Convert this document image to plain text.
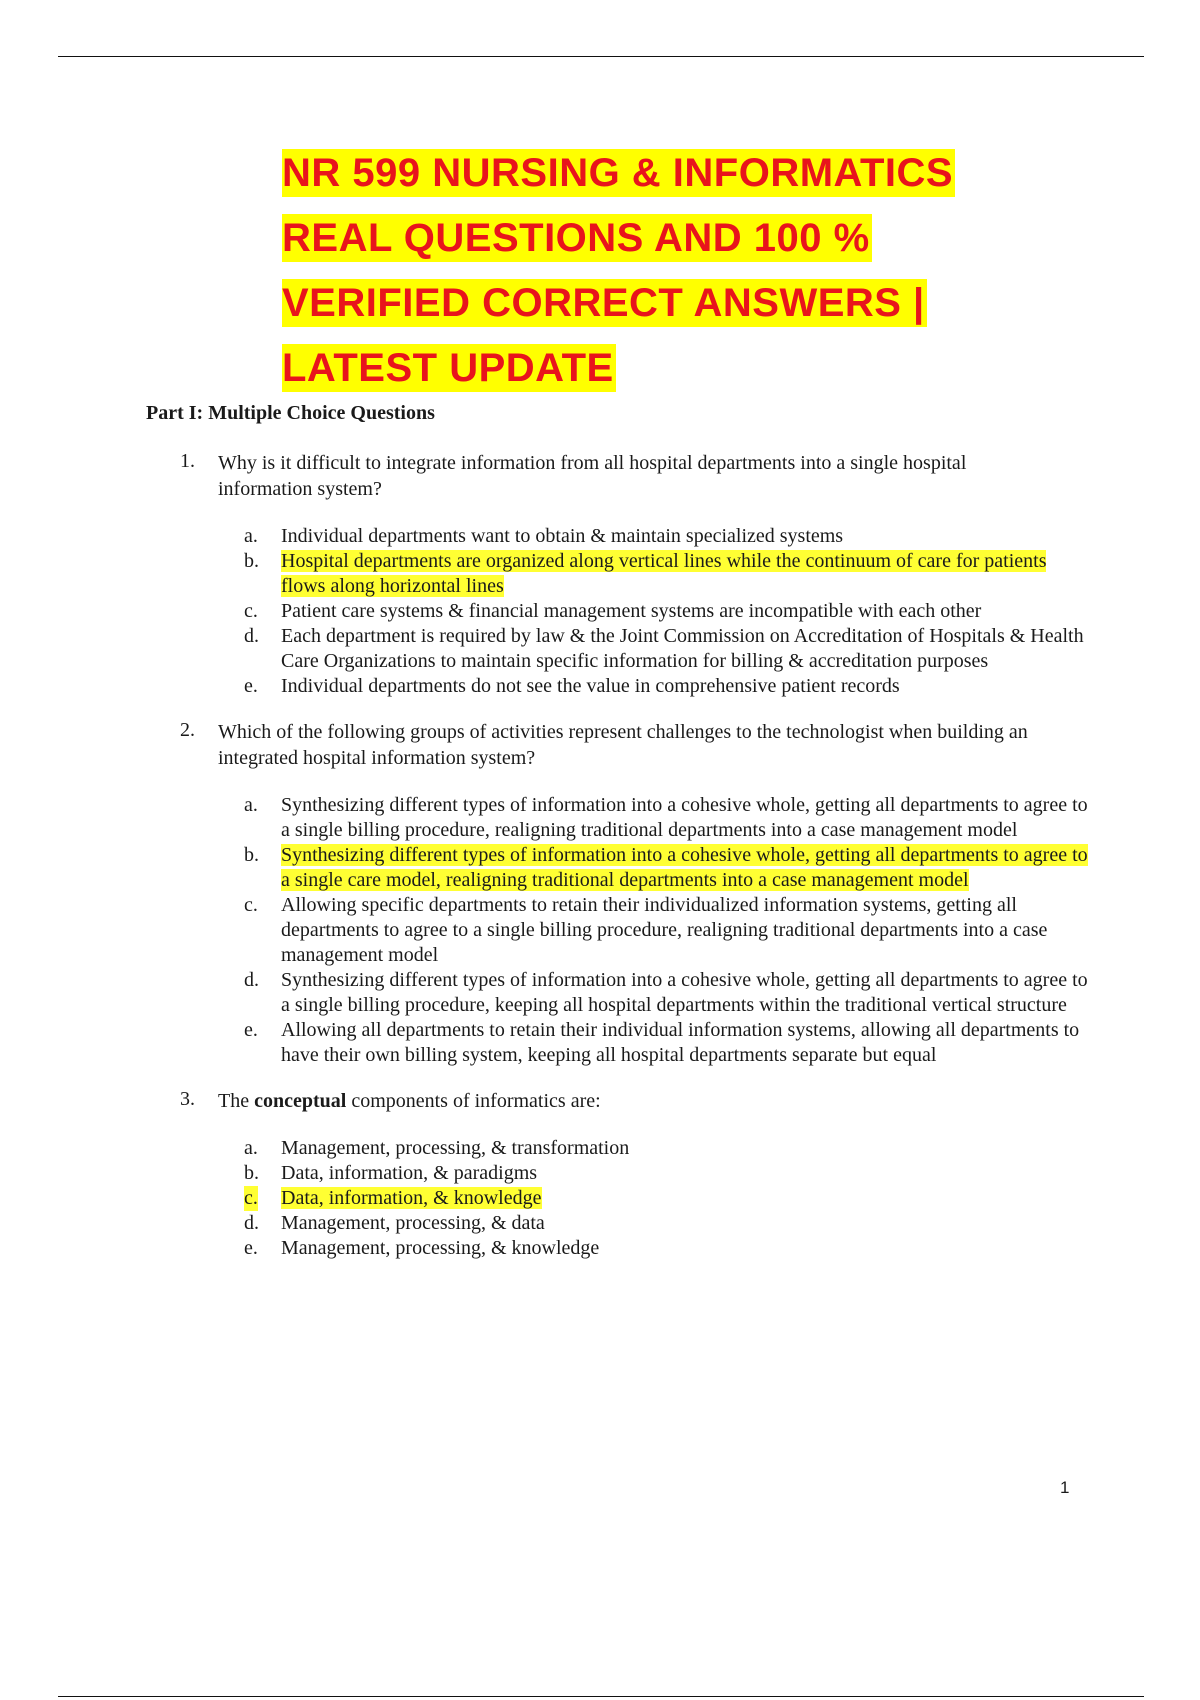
NR 599 NURSING & INFORMATICS
REAL QUESTIONS AND 100 %
VERIFIED CORRECT ANSWERS |
LATEST UPDATE
Part I: Multiple Choice Questions
1.	Why is it difficult to integrate information from all hospital departments into a single hospital information system?
a. Individual departments want to obtain & maintain specialized systems
b. Hospital departments are organized along vertical lines while the continuum of care for patients flows along horizontal lines
c. Patient care systems & financial management systems are incompatible with each other
d. Each department is required by law & the Joint Commission on Accreditation of Hospitals & Health Care Organizations to maintain specific information for billing & accreditation purposes
e. Individual departments do not see the value in comprehensive patient records
2.	Which of the following groups of activities represent challenges to the technologist when building an integrated hospital information system?
a. Synthesizing different types of information into a cohesive whole, getting all departments to agree to a single billing procedure, realigning traditional departments into a case management model
b. Synthesizing different types of information into a cohesive whole, getting all departments to agree to a single care model, realigning traditional departments into a case management model
c. Allowing specific departments to retain their individualized information systems, getting all departments to agree to a single billing procedure, realigning traditional departments into a case management model
d. Synthesizing different types of information into a cohesive whole, getting all departments to agree to a single billing procedure, keeping all hospital departments within the traditional vertical structure
e. Allowing all departments to retain their individual information systems, allowing all departments to have their own billing system, keeping all hospital departments separate but equal
3.	The conceptual components of informatics are:
a. Management, processing, & transformation
b. Data, information, & paradigms
c. Data, information, & knowledge
d. Management, processing, & data
e. Management, processing, & knowledge
1
